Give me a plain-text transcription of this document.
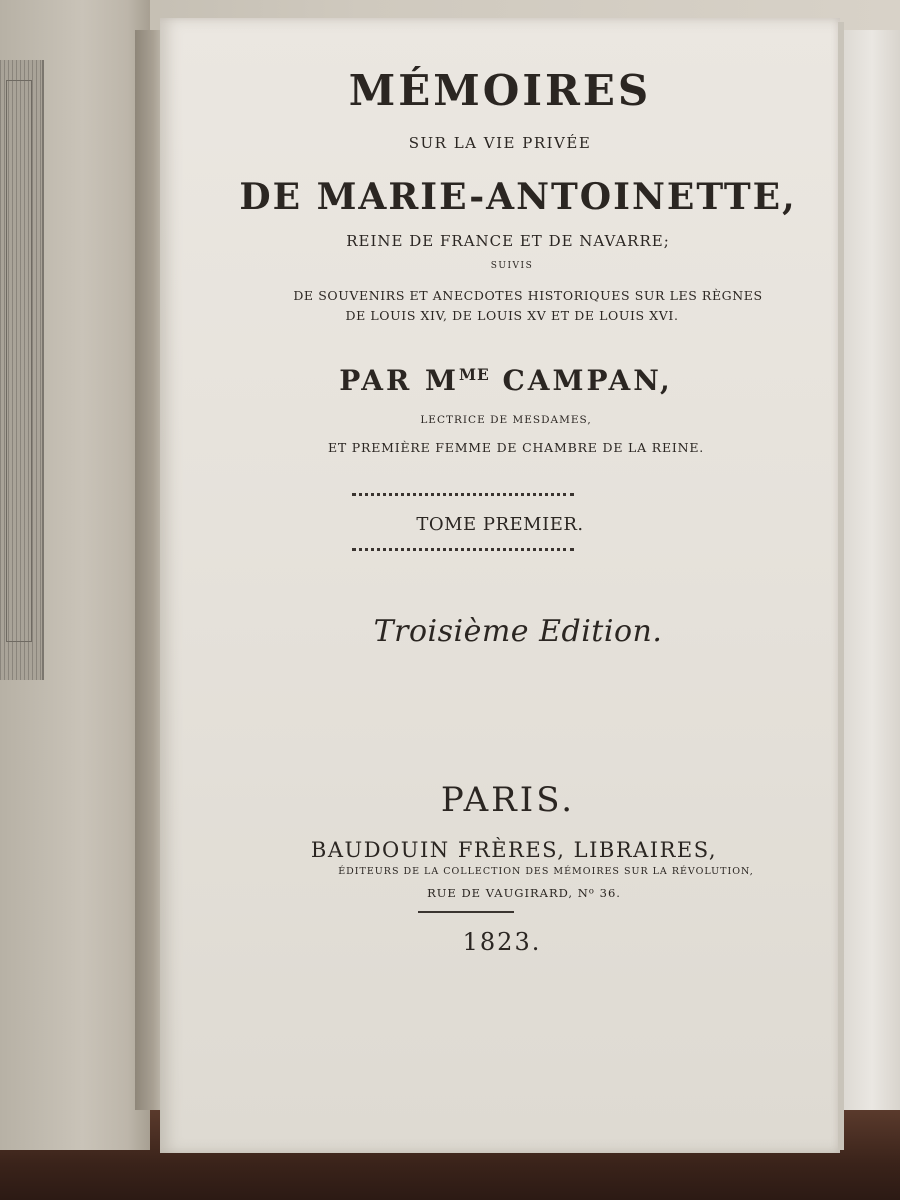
MÉMOIRES
SUR LA VIE PRIVÉE
DE MARIE-ANTOINETTE,
REINE DE FRANCE ET DE NAVARRE;
SUIVIS
DE SOUVENIRS ET ANECDOTES HISTORIQUES SUR LES RÈGNES
DE LOUIS XIV, DE LOUIS XV ET DE LOUIS XVI.
PAR $M^{ME}$ CAMPAN,
LECTRICE DE MESDAMES,
ET PREMIÈRE FEMME DE CHAMBRE DE LA REINE.
TOME PREMIER.
Troisième Edition.
PARIS.
BAUDOUIN FRÈRES, LIBRAIRES,
ÉDITEURS DE LA COLLECTION DES MÉMOIRES SUR LA RÉVOLUTION,
RUE DE VAUGIRARD, $N^o$ 36.
1823.
